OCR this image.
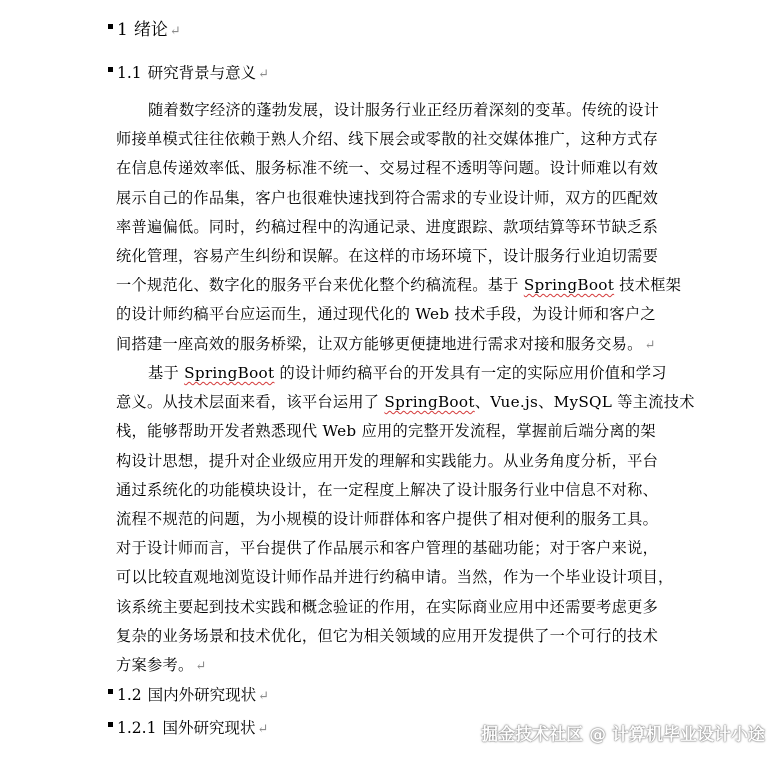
1 绪论 ↵
1.1 研究背景与意义 ↵
随着数字经济的蓬勃发展，设计服务行业正经历着深刻的变革。传统的设计
师接单模式往往依赖于熟人介绍、线下展会或零散的社交媒体推广，这种方式存
在信息传递效率低、服务标准不统一、交易过程不透明等问题。设计师难以有效
展示自己的作品集，客户也很难快速找到符合需求的专业设计师，双方的匹配效
率普遍偏低。同时，约稿过程中的沟通记录、进度跟踪、款项结算等环节缺乏系
统化管理，容易产生纠纷和误解。在这样的市场环境下，设计服务行业迫切需要
一个规范化、数字化的服务平台来优化整个约稿流程。基于 SpringBoot 技术框架
的设计师约稿平台应运而生，通过现代化的 Web 技术手段，为设计师和客户之
间搭建一座高效的服务桥梁，让双方能够更便捷地进行需求对接和服务交易。 ↵
基于 SpringBoot 的设计师约稿平台的开发具有一定的实际应用价值和学习
意义。从技术层面来看，该平台运用了 SpringBoot、Vue.js、MySQL 等主流技术
栈，能够帮助开发者熟悉现代 Web 应用的完整开发流程，掌握前后端分离的架
构设计思想，提升对企业级应用开发的理解和实践能力。从业务角度分析，平台
通过系统化的功能模块设计，在一定程度上解决了设计服务行业中信息不对称、
流程不规范的问题，为小规模的设计师群体和客户提供了相对便利的服务工具。
对于设计师而言，平台提供了作品展示和客户管理的基础功能；对于客户来说，
可以比较直观地浏览设计师作品并进行约稿申请。当然，作为一个毕业设计项目，
该系统主要起到技术实践和概念验证的作用，在实际商业应用中还需要考虑更多
复杂的业务场景和技术优化，但它为相关领域的应用开发提供了一个可行的技术
方案参考。 ↵
1.2 国内外研究现状 ↵
1.2.1 国外研究现状 ↵	掘金技术社区 @ 计算机毕业设计小途
